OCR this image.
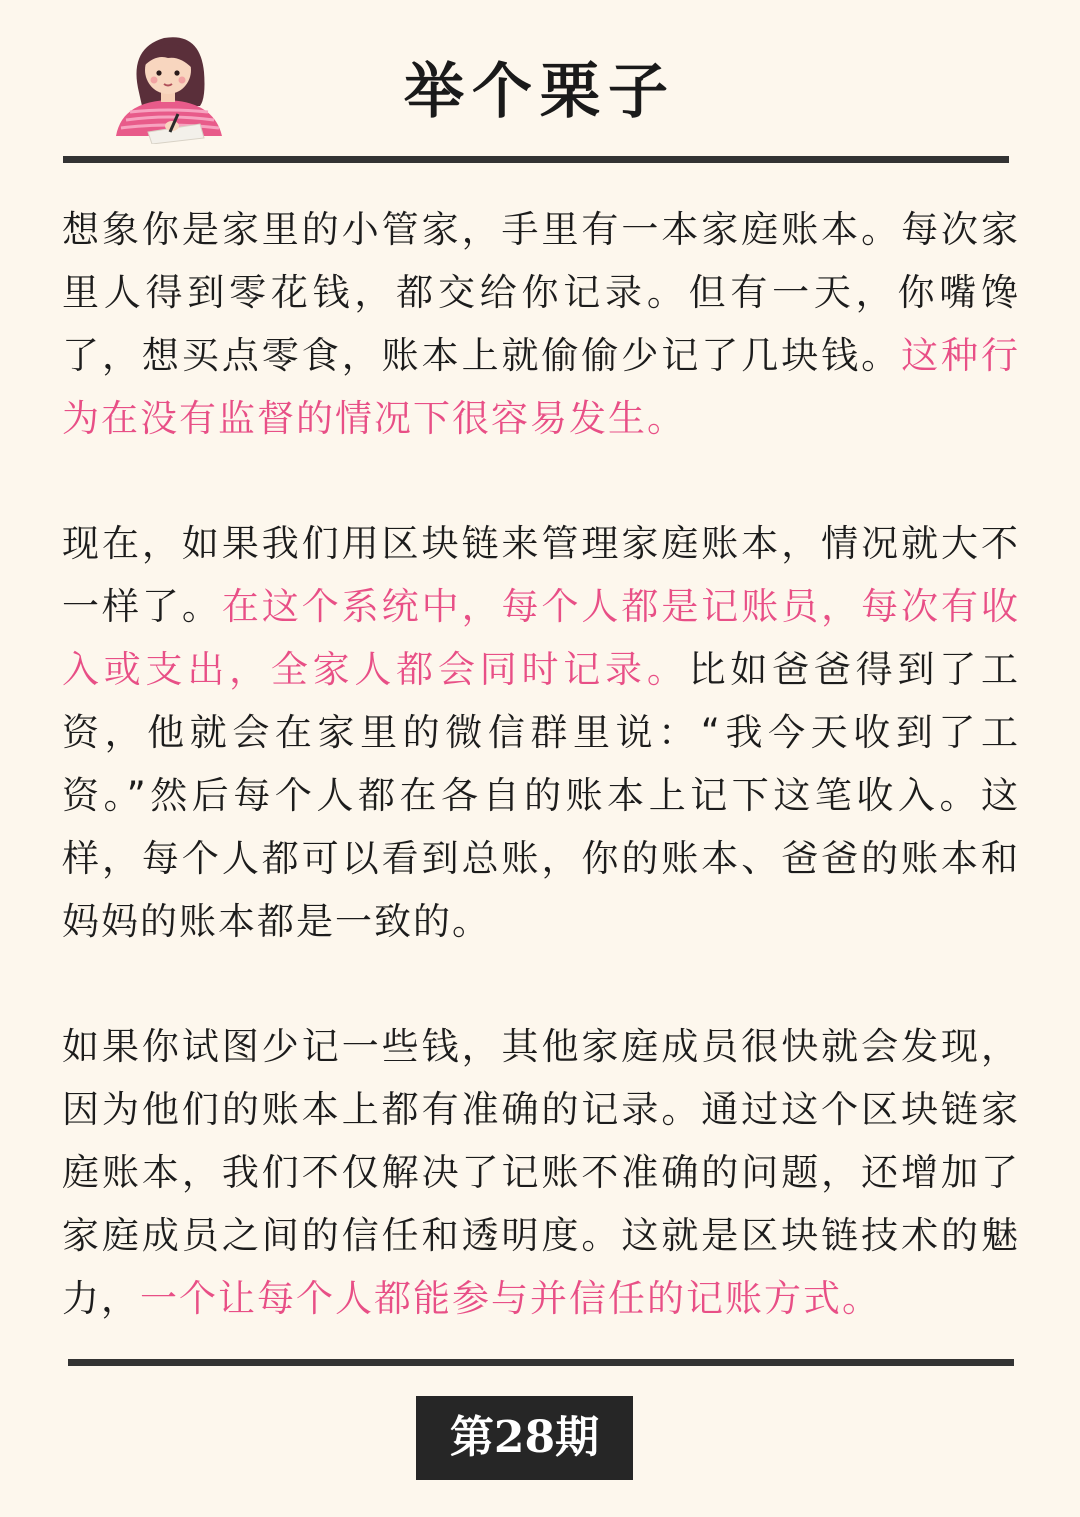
举个栗子

想象你是家里的小管家，手里有一本家庭账本。每次家里人得到零花钱，都交给你记录。但有一天，你嘴馋了，想买点零食，账本上就偷偷少记了几块钱。这种行为在没有监督的情况下很容易发生。

现在，如果我们用区块链来管理家庭账本，情况就大不一样了。在这个系统中，每个人都是记账员，每次有收入或支出，全家人都会同时记录。比如爸爸得到了工资，他就会在家里的微信群里说：“我今天收到了工资。”然后每个人都在各自的账本上记下这笔收入。这样，每个人都可以看到总账，你的账本、爸爸的账本和妈妈的账本都是一致的。

如果你试图少记一些钱，其他家庭成员很快就会发现，因为他们的账本上都有准确的记录。通过这个区块链家庭账本，我们不仅解决了记账不准确的问题，还增加了家庭成员之间的信任和透明度。这就是区块链技术的魅力，一个让每个人都能参与并信任的记账方式。

第28期
